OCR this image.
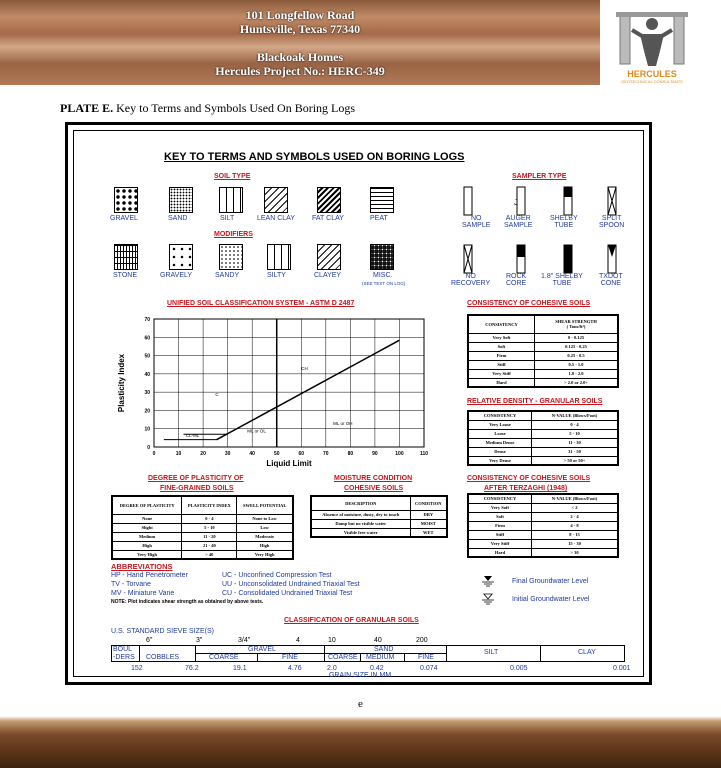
101 Longfellow Road
Huntsville, Texas 77340
Blackoak Homes
Hercules Project No.: HERC-349	HERCULES
GEOTECHNICAL CONSULTANTS
PLATE E. Key to Terms and Symbols Used On Boring Logs
KEY TO TERMS AND SYMBOLS USED ON BORING LOGS
SOIL TYPE	SAMPLER TYPE
GRAVEL	SAND	SILT	LEAN CLAY FAT CLAY	PEAT
MODIFIERS
STONE	GRAVELY	SANDY	SILTY	CLAYEY	MISC.
(SEE TEXT ON LOG)
J
NO
SAMPLE
AUGER
SAMPLE
SHELBY
TUBE
SPLIT
SPOON
NO
RECOVERY
ROCK
CORE
1.8" SHELBY
TUBE
TXDOT
CONE
UNIFIED SOIL CLASSIFICATION SYSTEM - ASTM D 2487
0	10	20	30	40	50	60	70	80	90	100	110
0
10
20
30
40
50
60
70
CH
C
ML or OH
ML or OL
CL-ML
Plasticity Index
Liquid Limit
CONSISTENCY OF COHESIVE SOILS
CONSISTENCY	SHEAR STRENGTH
( Tons/ft²)

Very Soft	0 - 0.125
Soft	0.125 - 0.25
Firm	0.25 - 0.5
Stiff	0.5 - 1.0
Very Stiff	1.0 - 2.0
Hard	> 2.0 or 2.0+
RELATIVE DENSITY - GRANULAR SOILS
CONSISTENCY	N-VALUE (Blows/Foot)
Very Loose	0 - 4
Loose	5 - 10
Medium Dense	11 - 30
Dense	31 - 50
Very Dense	> 50 or 50+
CONSISTENCY OF COHESIVE SOILS
AFTER TERZAGHI (1948)
CONSISTENCY	N-VALUE (Blows/Foot)
Very Soft	< 2
Soft	2 - 4
Firm	4 - 8
Stiff	8 - 15
Very Stiff	15 - 30
Hard	> 30
DEGREE OF PLASTICITY OF
FINE-GRAINED SOILS
DEGREE OF PLASTICITY	PLASTICITY INDEX	SWELL POTENTIAL
None	0 - 4	None to Low
Slight	5 - 10	Low
Medium	11 - 20	Moderate
High	21 - 40	High
Very High	> 40	Very High
MOISTURE CONDITION
COHESIVE SOILS
DESCRIPTION	CONDITION
Absence of moisture, dusty, dry to touch	DRY
Damp but no visible water	MOIST
Visible free water	WET
ABBREVIATIONS
HP - Hand Penetrometer
TV - Torvane
MV - Miniature Vane
UC - Unconfined Compression Test
UU - Unconsolidated Undrained Triaxial Test
CU - Consolidated Undrained Triaxial Test
NOTE: Plot indicates shear strength as obtained by above tests.
Final Groundwater Level
Initial Groundwater Level
CLASSIFICATION OF GRANULAR SOILS
U.S. STANDARD SIEVE SIZE(S)
6"	3"	3/4"	4	10	40	200
BOUL
-DERS COBBLES
GRAVEL
COARSE	FINE
SAND
COARSE MEDIUM	FINE
SILT	CLAY
152	76.2	19.1	4.76	2.0	0.42	0.074	0.005	0.001
GRAIN SIZE IN MM
e
